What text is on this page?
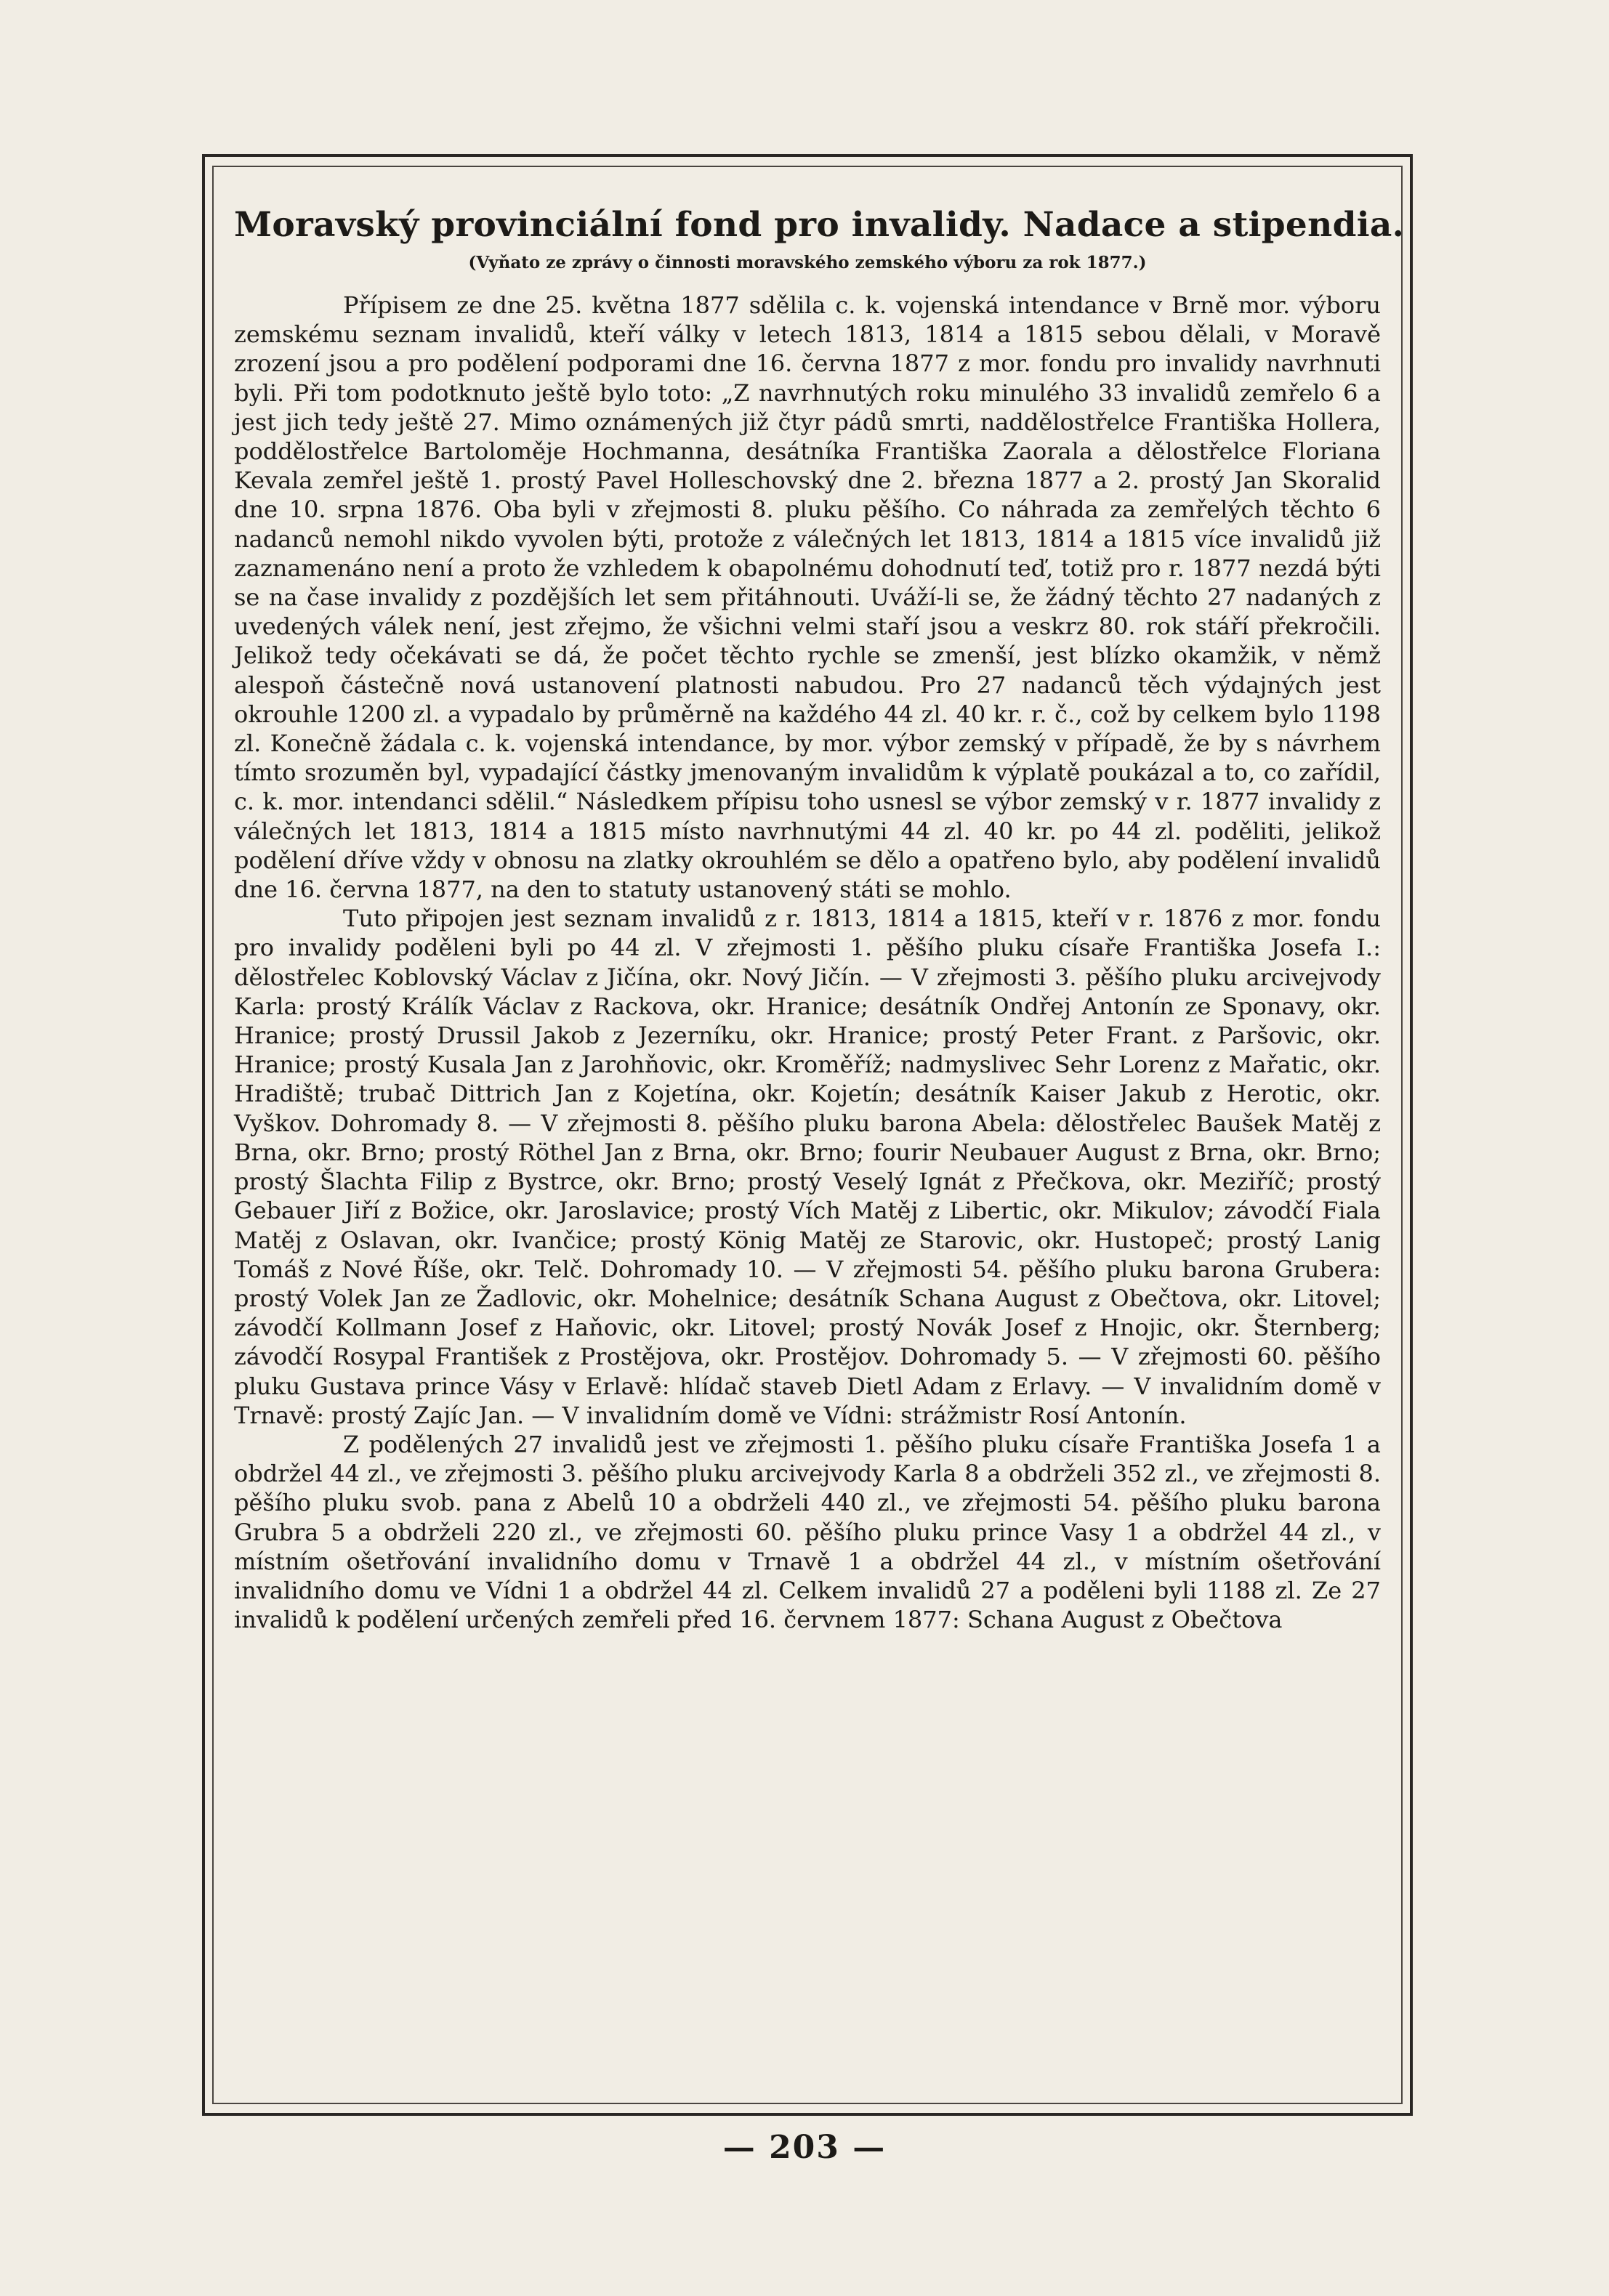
Moravský provinciální fond pro invalidy. Nadace a stipendia.
(Vyňato ze zprávy o činnosti moravského zemského výboru za rok 1877.)

Přípisem ze dne 25. května 1877 sdělila c. k. vojenská intendance v Brně mor. výboru zemskému seznam invalidů, kteří války v letech 1813, 1814 a 1815 sebou dělali, v Moravě zrození jsou a pro podělení podporami dne 16. června 1877 z mor. fondu pro invalidy navrhnuti byli. Při tom podotknuto ještě bylo toto: „Z navrhnutých roku minulého 33 invalidů zemřelo 6 a jest jich tedy ještě 27. Mimo oznámených již čtyr pádů smrti, naddělostřelce Františka Hollera, poddělostřelce Bartoloměje Hochmanna, desátníka Františka Zaorala a dělostřelce Floriana Kevala zemřel ještě 1. prostý Pavel Holleschovský dne 2. března 1877 a 2. prostý Jan Skoralid dne 10. srpna 1876. Oba byli v zřejmosti 8. pluku pěšího. Co náhrada za zemřelých těchto 6 nadanců nemohl nikdo vyvolen býti, protože z válečných let 1813, 1814 a 1815 více invalidů již zaznamenáno není a proto že vzhledem k obapolnému dohodnutí teď, totiž pro r. 1877 nezdá býti se na čase invalidy z pozdějších let sem přitáhnouti. Uváží-li se, že žádný těchto 27 nadaných z uvedených válek není, jest zřejmo, že všichni velmi staří jsou a veskrz 80. rok stáří překročili. Jelikož tedy očekávati se dá, že počet těchto rychle se zmenší, jest blízko okamžik, v němž alespoň částečně nová ustanovení platnosti nabudou. Pro 27 nadanců těch výdajných jest okrouhle 1200 zl. a vypadalo by průměrně na každého 44 zl. 40 kr. r. č., což by celkem bylo 1198 zl. Konečně žádala c. k. vojenská intendance, by mor. výbor zemský v případě, že by s návrhem tímto srozuměn byl, vypadající částky jmenovaným invalidům k výplatě poukázal a to, co zařídil, c. k. mor. intendanci sdělil.“ Následkem přípisu toho usnesl se výbor zemský v r. 1877 invalidy z válečných let 1813, 1814 a 1815 místo navrhnutými 44 zl. 40 kr. po 44 zl. poděliti, jelikož podělení dříve vždy v obnosu na zlatky okrouhlém se dělo a opatřeno bylo, aby podělení invalidů dne 16. června 1877, na den to statuty ustanovený státi se mohlo.

Tuto připojen jest seznam invalidů z r. 1813, 1814 a 1815, kteří v r. 1876 z mor. fondu pro invalidy poděleni byli po 44 zl. V zřejmosti 1. pěšího pluku císaře Františka Josefa I.: dělostřelec Koblovský Václav z Jičína, okr. Nový Jičín. — V zřejmosti 3. pěšího pluku arcivejvody Karla: prostý Králík Václav z Rackova, okr. Hranice; desátník Ondřej Antonín ze Sponavy, okr. Hranice; prostý Drussil Jakob z Jezerníku, okr. Hranice; prostý Peter Frant. z Paršovic, okr. Hranice; prostý Kusala Jan z Jarohňovic, okr. Kroměříž; nadmyslivec Sehr Lorenz z Mařatic, okr. Hradiště; trubač Dittrich Jan z Kojetína, okr. Kojetín; desátník Kaiser Jakub z Herotic, okr. Vyškov. Dohromady 8. — V zřejmosti 8. pěšího pluku barona Abela: dělostřelec Baušek Matěj z Brna, okr. Brno; prostý Röthel Jan z Brna, okr. Brno; fourir Neubauer August z Brna, okr. Brno; prostý Šlachta Filip z Bystrce, okr. Brno; prostý Veselý Ignát z Přečkova, okr. Meziříč; prostý Gebauer Jiří z Božice, okr. Jaroslavice; prostý Vích Matěj z Libertic, okr. Mikulov; závodčí Fiala Matěj z Oslavan, okr. Ivančice; prostý König Matěj ze Starovic, okr. Hustopeč; prostý Lanig Tomáš z Nové Říše, okr. Telč. Dohromady 10. — V zřejmosti 54. pěšího pluku barona Grubera: prostý Volek Jan ze Žadlovic, okr. Mohelnice; desátník Schana August z Obečtova, okr. Litovel; závodčí Kollmann Josef z Haňovic, okr. Litovel; prostý Novák Josef z Hnojic, okr. Šternberg; závodčí Rosypal František z Prostějova, okr. Prostějov. Dohromady 5. — V zřejmosti 60. pěšího pluku Gustava prince Vásy v Erlavě: hlídač staveb Dietl Adam z Erlavy. — V invalidním domě v Trnavě: prostý Zajíc Jan. — V invalidním domě ve Vídni: strážmistr Rosí Antonín.

Z podělených 27 invalidů jest ve zřejmosti 1. pěšího pluku císaře Františka Josefa 1 a obdržel 44 zl., ve zřejmosti 3. pěšího pluku arcivejvody Karla 8 a obdrželi 352 zl., ve zřejmosti 8. pěšího pluku svob. pana z Abelů 10 a obdrželi 440 zl., ve zřejmosti 54. pěšího pluku barona Grubra 5 a obdrželi 220 zl., ve zřejmosti 60. pěšího pluku prince Vasy 1 a obdržel 44 zl., v místním ošetřování invalidního domu v Trnavě 1 a obdržel 44 zl., v místním ošetřování invalidního domu ve Vídni 1 a obdržel 44 zl. Celkem invalidů 27 a poděleni byli 1188 zl. Ze 27 invalidů k podělení určených zemřeli před 16. červnem 1877: Schana August z Obečtova

— 203 —
